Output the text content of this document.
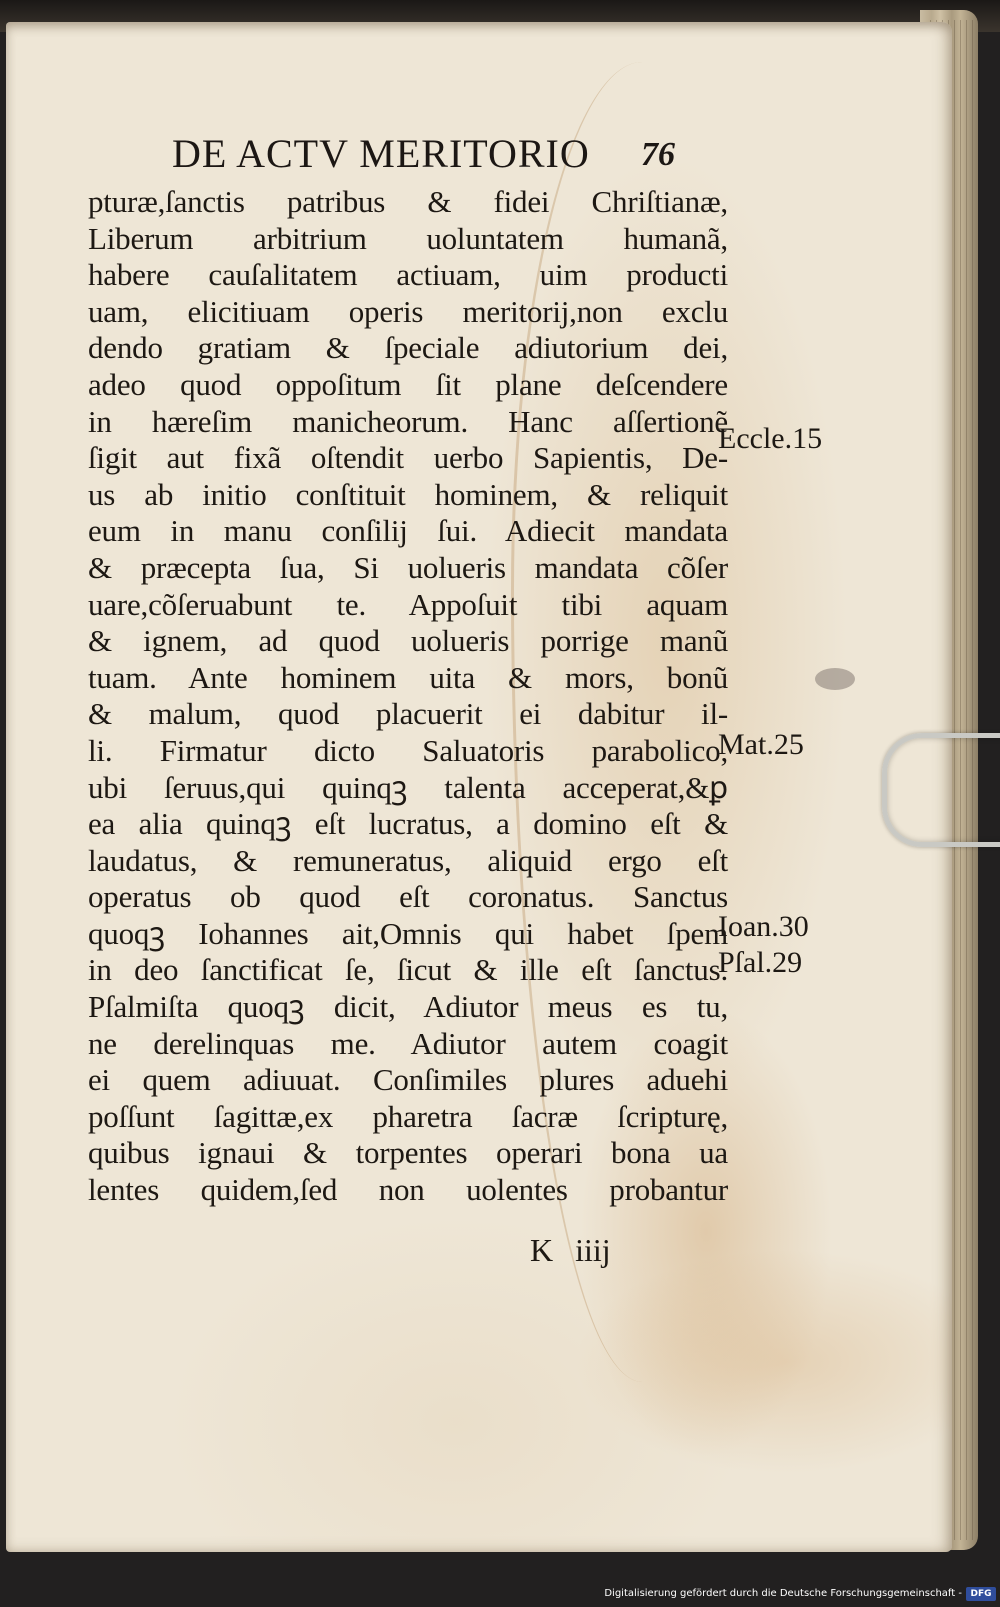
DE ACTV MERITORIO 76
pturæ,ſanctis patribus & fidei Chriſtianæ,
Liberum arbitrium uoluntatem humanã,
habere cauſalitatem actiuam, uim producti
uam, elicitiuam operis meritorij,non exclu
dendo gratiam & ſpeciale adiutorium dei,
adeo quod oppoſitum ſit plane deſcendere
in hæreſim manicheorum. Hanc aſſertionẽ
ſigit aut fixã oſtendit uerbo Sapientis, De-
us ab initio conſtituit hominem, & reliquit
eum in manu conſilij ſui. Adiecit mandata
& præcepta ſua, Si uolueris mandata cõſer
uare,cõſeruabunt te. Appoſuit tibi aquam
& ignem, ad quod uolueris porrige manũ
tuam. Ante hominem uita & mors, bonũ
& malum, quod placuerit ei dabitur il-
li. Firmatur dicto Saluatoris parabolico,
ubi ſeruus,qui quinqꝫ talenta acceperat,&ꝑ
ea alia quinqꝫ eſt lucratus, a domino eſt &
laudatus, & remuneratus, aliquid ergo eſt
operatus ob quod eſt coronatus. Sanctus
quoqꝫ Iohannes ait,Omnis qui habet ſpem
in deo ſanctificat ſe, ſicut & ille eſt ſanctus.
Pſalmiſta quoqꝫ dicit, Adiutor meus es tu,
ne derelinquas me. Adiutor autem coagit
ei quem adiuuat. Conſimiles plures aduehi
poſſunt ſagittæ,ex pharetra ſacræ ſcripturę,
quibus ignaui & torpentes operari bona ua
lentes quidem,ſed non uolentes probantur
K iiij
Eccle.15
Mat.25
Ioan.30
Pſal.29
Digitalisierung gefördert durch die Deutsche Forschungsgemeinschaft - DFG
